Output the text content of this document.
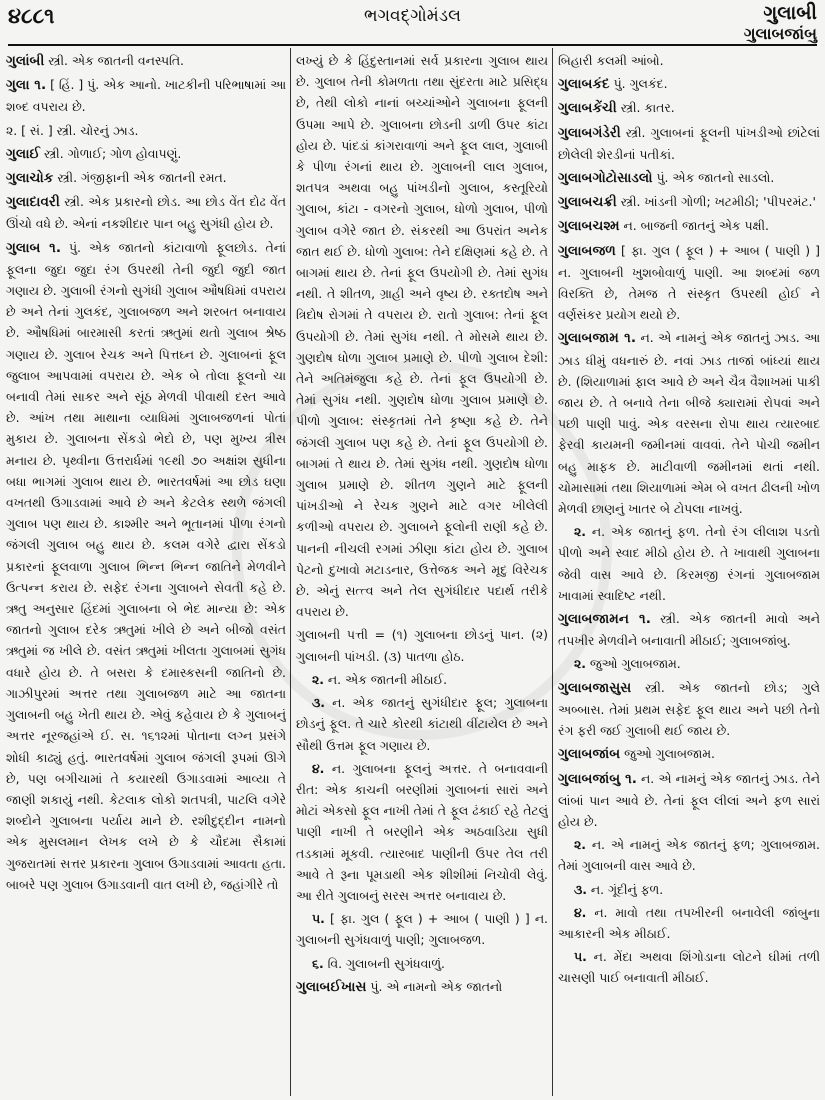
૪૮૮૧	ભગવદ્ગોમંડલ	ગુલાબી
ગુલાબજાંબુ

ગુલાંબી સ્ત્રી. એક જાતની વનસ્પતિ.

ગુલા ૧. [ હિં. ] પું. એક આનો. ખાટકીની પરિભાષામાં આ શબ્દ વપરાય છે.

૨. [ સં. ] સ્ત્રી. ચોરનું ઝાડ.

ગુલાઈ સ્ત્રી. ગોળાઈ; ગોળ હોવાપણું.

ગુલાચોક સ્ત્રી. ગંજીફાની એક જાતની રમત.

ગુલાદાવરી સ્ત્રી. એક પ્રકારનો છોડ. આ છોડ વેંત દોઢ વેંત ઊંચો વધે છે. એનાં નકશીદાર પાન બહુ સુગંધી હોય છે.

ગુલાબ ૧. પું. એક જાતનો કાંટાવાળો ફૂલછોડ. તેનાં ફૂલના જુદા જુદા રંગ ઉપરથી તેની જુદી જુદી જાત ગણાય છે. ગુલાબી રંગનો સુગંધી ગુલાબ ઔષધિમાં વપરાય છે અને તેનાં ગુલકંદ, ગુલાબજળ અને શરબત બનાવાય છે. ઔષધિમાં બારમાસી કરતાં ઋતુમાં થતો ગુલાબ શ્રેષ્ઠ ગણાય છે. ગુલાબ રેચક અને પિત્તઘ્ન છે. ગુલાબનાં ફૂલ જુલાબ આપવામાં વપરાય છે. એક બે તોલા ફૂલનો ચા બનાવી તેમાં સાકર અને સૂંઠ મેળવી પીવાથી દસ્ત આવે છે. આંખ તથા માથાના વ્યાધિમાં ગુલાબજળનાં પોતાં મુકાય છે. ગુલાબના સેંકડો ભેદો છે, પણ મુખ્ય ત્રીસ મનાય છે. પૃથ્વીના ઉત્તરાર્ધમાં ૧૯થી ૭૦ અક્ષાંશ સુધીના બધા ભાગમાં ગુલાબ થાય છે. ભારતવર્ષમાં આ છોડ ઘણા વખતથી ઉગાડવામાં આવે છે અને કેટલેક સ્થળે જંગલી ગુલાબ પણ થાય છે. કાશ્મીર અને ભૂતાનમાં પીળા રંગનો જંગલી ગુલાબ બહુ થાય છે. કલમ વગેરે દ્વારા સેંકડો પ્રકારનાં ફૂલવાળા ગુલાબ ભિન્ન ભિન્ન જાતિને મેળવીને ઉત્પન્ન કરાય છે. સફેદ રંગના ગુલાબને સેવતી કહે છે. ઋતુ અનુસાર હિંદમાં ગુલાબના બે ભેદ માન્યા છે: એક જાતનો ગુલાબ દરેક ઋતુમાં ખીલે છે અને બીજો વસંત ઋતુમાં જ ખીલે છે. વસંત ઋતુમાં ખીલતા ગુલાબમાં સુગંધ વધારે હોય છે. તે બસરા કે દમાસ્કસની જાતિનો છે. ગાઝીપુરમાં અત્તર તથા ગુલાબજળ માટે આ જાતના ગુલાબની બહુ ખેતી થાય છે. એવું કહેવાય છે કે ગુલાબનું અત્તર નૂરજહાંએ ઈ. સ. ૧૬૧૨માં પોતાના લગ્ન પ્રસંગે શોધી કાઢ્યું હતું. ભારતવર્ષમાં ગુલાબ જંગલી રૂપમાં ઊગે છે, પણ બગીચામાં તે કયારથી ઉગાડવામાં આવ્યા તે જાણી શકાયું નથી. કેટલાક લોકો શતપત્રી, પાટલિ વગેરે શબ્દોને ગુલાબના પર્યાય માને છે. રશીદુદ્દીન નામનો એક મુસલમાન લેખક લખે છે કે ચૌદમા સૈકામાં ગુજરાતમાં સત્તર પ્રકારના ગુલાબ ઉગાડવામાં આવતા હતા. બાબરે પણ ગુલાબ ઉગાડવાની વાત લખી છે, જહાંગીરે તો

લખ્યું છે કે હિંદુસ્તાનમાં સર્વ પ્રકારના ગુલાબ થાય છે. ગુલાબ તેની કોમળતા તથા સુંદરતા માટે પ્રસિદ્ધ છે, તેથી લોકો નાનાં બચ્ચાંઓને ગુલાબના ફૂલની ઉપમા આપે છે. ગુલાબના છોડની ડાળી ઉપર કાંટા હોય છે. પાંદડાં કાંગરાવાળાં અને ફૂલ લાલ, ગુલાબી કે પીળા રંગનાં થાય છે. ગુલાબની લાલ ગુલાબ, શતપત્ર અથવા બહુ પાંખડીનો ગુલાબ, કસ્તૂરિયો ગુલાબ, કાંટા - વગરનો ગુલાબ, ધોળો ગુલાબ, પીળો ગુલાબ વગેરે જાત છે. સંકરથી આ ઉપરાંત અનેક જાત થઈ છે. ધોળો ગુલાબ: તેને દક્ષિણમાં કહે છે. તે બાગમાં થાય છે. તેનાં ફૂલ ઉપયોગી છે. તેમાં સુગંધ નથી. તે શીતળ, ગ્રાહી અને વૃષ્ય છે. રક્તદોષ અને ત્રિદોષ રોગમાં તે વપરાય છે. રાતો ગુલાબ: તેનાં ફૂલ ઉપયોગી છે. તેમાં સુગંધ નથી. તે મોસમે થાય છે. ગુણદોષ ધોળા ગુલાબ પ્રમાણે છે. પીળો ગુલાબ દેશી: તેને અતિમંજુલા કહે છે. તેનાં ફૂલ ઉપયોગી છે. તેમાં સુગંધ નથી. ગુણદોષ ધોળા ગુલાબ પ્રમાણે છે. પીળો ગુલાબ: સંસ્કૃતમાં તેને કૃષ્ણા કહે છે. તેને જંગલી ગુલાબ પણ કહે છે. તેનાં ફૂલ ઉપયોગી છે. બાગમાં તે થાય છે. તેમાં સુગંધ નથી. ગુણદોષ ધોળા ગુલાબ પ્રમાણે છે. શીતળ ગુણને માટે ફૂલની પાંખડીઓ ને રેચક ગુણને માટે વગર ખીલેલી કળીઓ વપરાય છે. ગુલાબને ફૂલોની રાણી કહે છે. પાનની નીચલી રગમાં ઝીણા કાંટા હોય છે. ગુલાબ પેટનો દુખાવો મટાડનાર, ઉત્તેજક અને મૃદુ વિરેચક છે. એનું સત્ત્વ અને તેલ સુગંધીદાર પદાર્થ તરીકે વપરાય છે.

ગુલાબની પત્તી = (૧) ગુલાબના છોડનું પાન. (૨) ગુલાબની પાંખડી. (૩) પાતળા હોઠ.

૨. ન. એક જાતની મીઠાઈ.

૩. ન. એક જાતનું સુગંધીદાર ફૂલ; ગુલાબના છોડનું ફૂલ. તે ચારે કોરથી કાંટાથી વીંટાયેલ છે અને સૌથી ઉત્તમ ફૂલ ગણાય છે.

૪. ન. ગુલાબના ફૂલનું અત્તર. તે બનાવવાની રીત: એક કાચની બરણીમાં ગુલાબનાં સારાં અને મોટાં એકસો ફૂલ નાખી તેમાં તે ફૂલ ઢંકાઈ રહે તેટલું પાણી નાખી તે બરણીને એક અઠવાડિયા સુધી તડકામાં મૂકવી. ત્યારબાદ પાણીની ઉપર તેલ તરી આવે તે રૂના પૂમડાથી એક શીશીમાં નિચોવી લેવું. આ રીતે ગુલાબનું સરસ અત્તર બનાવાય છે.

૫. [ ફા. ગુલ ( ફૂલ ) + આબ ( પાણી ) ] ન. ગુલાબની સુગંધવાળું પાણી; ગુલાબજળ.

૬. વિ. ગુલાબની સુગંધવાળું.

ગુલાબઈખાસ પું. એ નામનો એક જાતનો

બિહારી કલમી આંબો.

ગુલાબકંદ પું. ગુલકંદ.

ગુલાબકેંચી સ્ત્રી. કાતર.

ગુલાબગંડેરી સ્ત્રી. ગુલાબનાં ફૂલની પાંખડીઓ છાંટેલાં છોલેલી શેરડીનાં પતીકાં.

ગુલાબગોટોસાડલો પું. એક જાતનો સાડલો.

ગુલાબચક્રી સ્ત્રી. ખાંડની ગોળી; ખટમીઠી; 'પીપરમંટ.'

ગુલાબચશ્મ ન. બાજની જાતનું એક પક્ષી.

ગુલાબજળ [ ફા. ગુલ ( ફૂલ ) + આબ ( પાણી ) ] ન. ગુલાબની ખુશબોવાળું પાણી. આ શબ્દમાં જળ વિરક્તિ છે, તેમજ તે સંસ્કૃત ઉપરથી હોઈ ને વર્ણસંકર પ્રયોગ થયો છે.

ગુલાબજામ ૧. ન. એ નામનું એક જાતનું ઝાડ. આ ઝાડ ધીમું વધનારું છે. નવાં ઝાડ તાજાં બાંધ્યાં થાય છે. (શિયાળામાં ફાલ આવે છે અને ચૈત્ર વૈશાખમાં પાકી જાય છે. તે બનાવે તેના બીજે ક્યારામાં રોપવાં અને પછી પાણી પાવું. એક વરસના રોપા થાય ત્યારબાદ ફેરવી કાયમની જમીનમાં વાવવાં. તેને પોચી જમીન બહુ માફક છે. માટીવાળી જમીનમાં થતાં નથી. ચોમાસામાં તથા શિયાળામાં એમ બે વખત ઢીલની ખોળ મેળવી છાણનું ખાતર બે ટોપલા નાખવું.

૨. ન. એક જાતનું ફળ. તેનો રંગ લીલાશ પડતો પીળો અને સ્વાદ મીઠો હોય છે. તે ખાવાથી ગુલાબના જેવી વાસ આવે છે. કિરમજી રંગનાં ગુલાબજામ ખાવામાં સ્વાદિષ્ટ નથી.

ગુલાબજામન ૧. સ્ત્રી. એક જાતની માવો અને તપખીર મેળવીને બનાવાતી મીઠાઈ; ગુલાબજાંબુ.

૨. જુઓ ગુલાબજામ.

ગુલાબજાસુસ સ્ત્રી. એક જાતનો છોડ; ગુલે અબ્બાસ. તેમાં પ્રથમ સફેદ ફૂલ થાય અને પછી તેનો રંગ ફરી જઈ ગુલાબી થઈ જાય છે.

ગુલાબજાંબ જુઓ ગુલાબજામ.

ગુલાબજાંબુ ૧. ન. એ નામનું એક જાતનું ઝાડ. તેને લાંબાં પાન આવે છે. તેનાં ફૂલ લીલાં અને ફળ સારાં હોય છે.

૨. ન. એ નામનું એક જાતનું ફળ; ગુલાબજામ. તેમાં ગુલાબની વાસ આવે છે.

૩. ન. ગૂંદીનું ફળ.

૪. ન. માવો તથા તપખીરની બનાવેલી જાંબુના આકારની એક મીઠાઈ.

૫. ન. મેંદા અથવા શિંગોડાના લોટને ઘીમાં તળી ચાસણી પાઈ બનાવાતી મીઠાઈ.
